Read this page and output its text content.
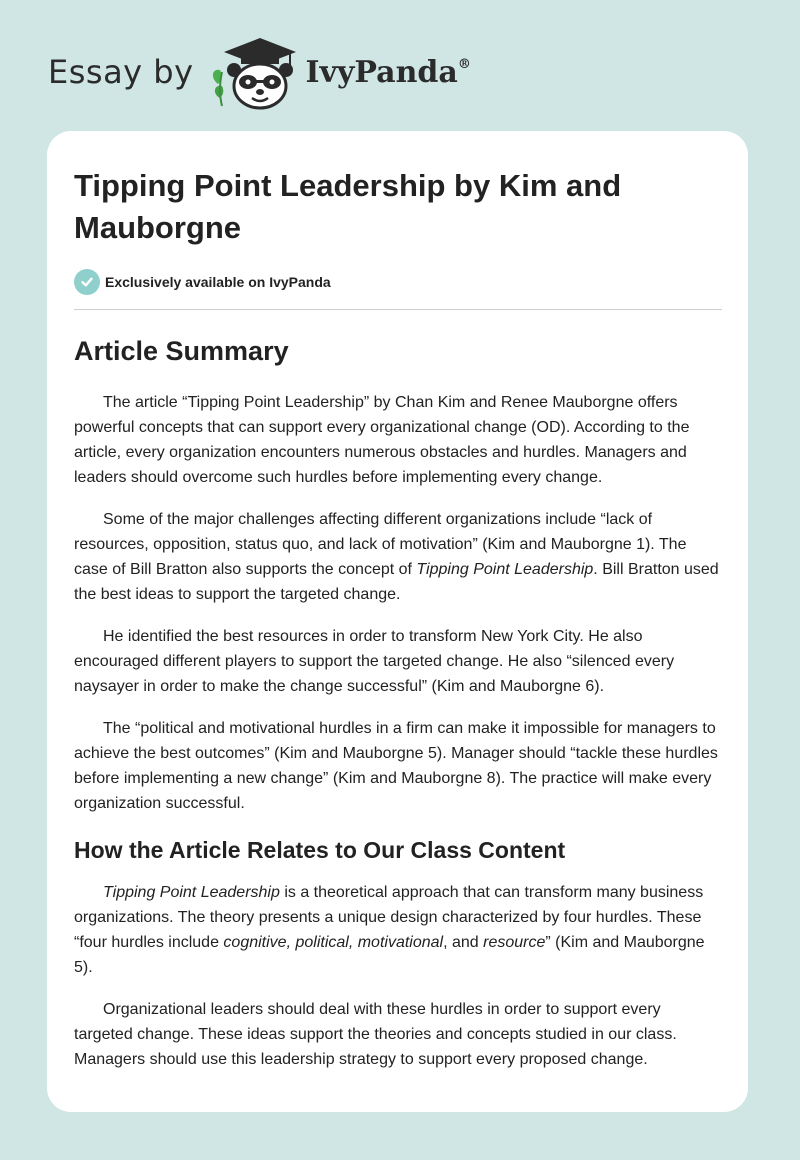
Essay by	IvyPanda®
Tipping Point Leadership by Kim and Mauborgne
Exclusively available on IvyPanda
Article Summary

The article “Tipping Point Leadership” by Chan Kim and Renee Mauborgne offers powerful concepts that can support every organizational change (OD). According to the article, every organization encounters numerous obstacles and hurdles. Managers and leaders should overcome such hurdles before implementing every change.

Some of the major challenges affecting different organizations include “lack of resources, opposition, status quo, and lack of motivation” (Kim and Mauborgne 1). The case of Bill Bratton also supports the concept of Tipping Point Leadership. Bill Bratton used the best ideas to support the targeted change.

He identified the best resources in order to transform New York City. He also encouraged different players to support the targeted change. He also “silenced every naysayer in order to make the change successful” (Kim and Mauborgne 6).

The “political and motivational hurdles in a firm can make it impossible for managers to achieve the best outcomes” (Kim and Mauborgne 5). Manager should “tackle these hurdles before implementing a new change” (Kim and Mauborgne 8). The practice will make every organization successful.

How the Article Relates to Our Class Content

Tipping Point Leadership is a theoretical approach that can transform many business organizations. The theory presents a unique design characterized by four hurdles. These “four hurdles include cognitive, political, motivational, and resource” (Kim and Mauborgne 5).

Organizational leaders should deal with these hurdles in order to support every targeted change. These ideas support the theories and concepts studied in our class. Managers should use this leadership strategy to support every proposed change.
